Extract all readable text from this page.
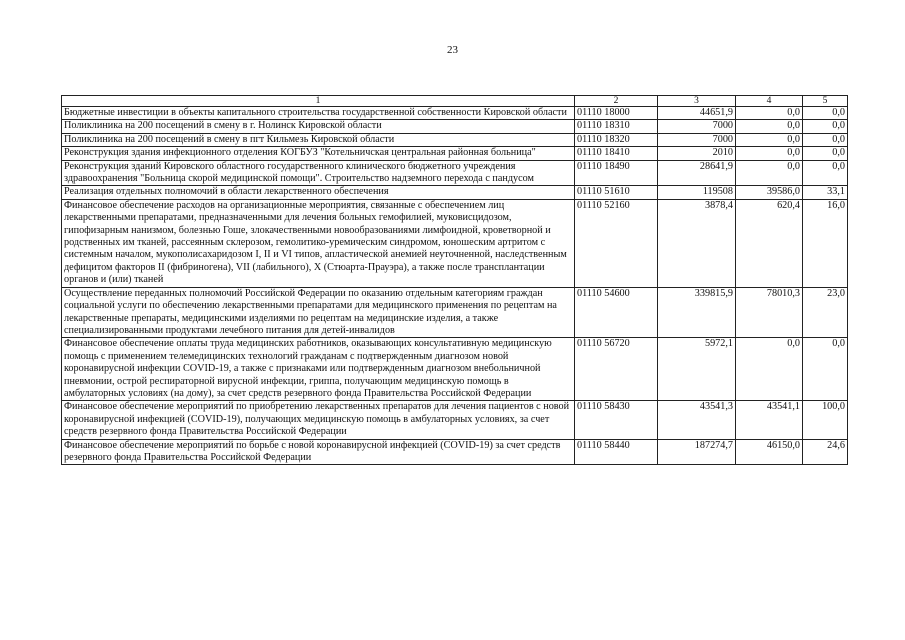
23
1	2	3	4	5
Бюджетные инвестиции в объекты капитального строительства государственной собственности Кировской области	01110 18000	44651,9	0,0	0,0
Поликлиника на 200 посещений в смену в г. Нолинск Кировской области	01110 18310	7000	0,0	0,0
Поликлиника на 200 посещений в смену в пгт Кильмезь Кировской области	01110 18320	7000	0,0	0,0
Реконструкция здания инфекционного отделения КОГБУЗ "Котельничская центральная районная больница"	01110 18410	2010	0,0	0,0
Реконструкция зданий Кировского областного государственного клинического бюджетного учреждения здравоохранения "Больница скорой медицинской помощи". Строительство надземного перехода с пандусом	01110 18490	28641,9	0,0	0,0
Реализация отдельных полномочий в области лекарственного обеспечения	01110 51610	119508	39586,0	33,1
Финансовое обеспечение расходов на организационные мероприятия, связанные с обеспечением лиц лекарственными препаратами, предназначенными для лечения больных гемофилией, муковисцидозом, гипофизарным нанизмом, болезнью Гоше, злокачественными новообразованиями лимфоидной, кроветворной и родственных им тканей, рассеянным склерозом, гемолитико-уремическим синдромом, юношеским артритом с системным началом, мукополисахаридозом I, II и VI типов, апластической анемией неуточненной, наследственным дефицитом факторов II (фибриногена), VII (лабильного), X (Стюарта-Прауэра), а также после трансплантации органов и (или) тканей	01110 52160	3878,4	620,4	16,0
Осуществление переданных полномочий Российской Федерации по оказанию отдельным категориям граждан социальной услуги по обеспечению лекарственными препаратами для медицинского применения по рецептам на лекарственные препараты, медицинскими изделиями по рецептам на медицинские изделия, а также специализированными продуктами лечебного питания для детей-инвалидов	01110 54600	339815,9	78010,3	23,0
Финансовое обеспечение оплаты труда медицинских работников, оказывающих консультативную медицинскую помощь с применением телемедицинских технологий гражданам с подтвержденным диагнозом новой коронавирусной инфекции COVID-19, а также с признаками или подтвержденным диагнозом внебольничной пневмонии, острой респираторной вирусной инфекции, гриппа, получающим медицинскую помощь в амбулаторных условиях (на дому), за счет средств резервного фонда Правительства Российской Федерации	01110 56720	5972,1	0,0	0,0
Финансовое обеспечение мероприятий по приобретению лекарственных препаратов для лечения пациентов с новой коронавирусной инфекцией (COVID-19), получающих медицинскую помощь в амбулаторных условиях, за счет средств резервного фонда Правительства Российской Федерации	01110 58430	43541,3	43541,1	100,0
Финансовое обеспечение мероприятий по борьбе с новой коронавирусной инфекцией (COVID-19) за счет средств резервного фонда Правительства Российской Федерации	01110 58440	187274,7	46150,0	24,6
